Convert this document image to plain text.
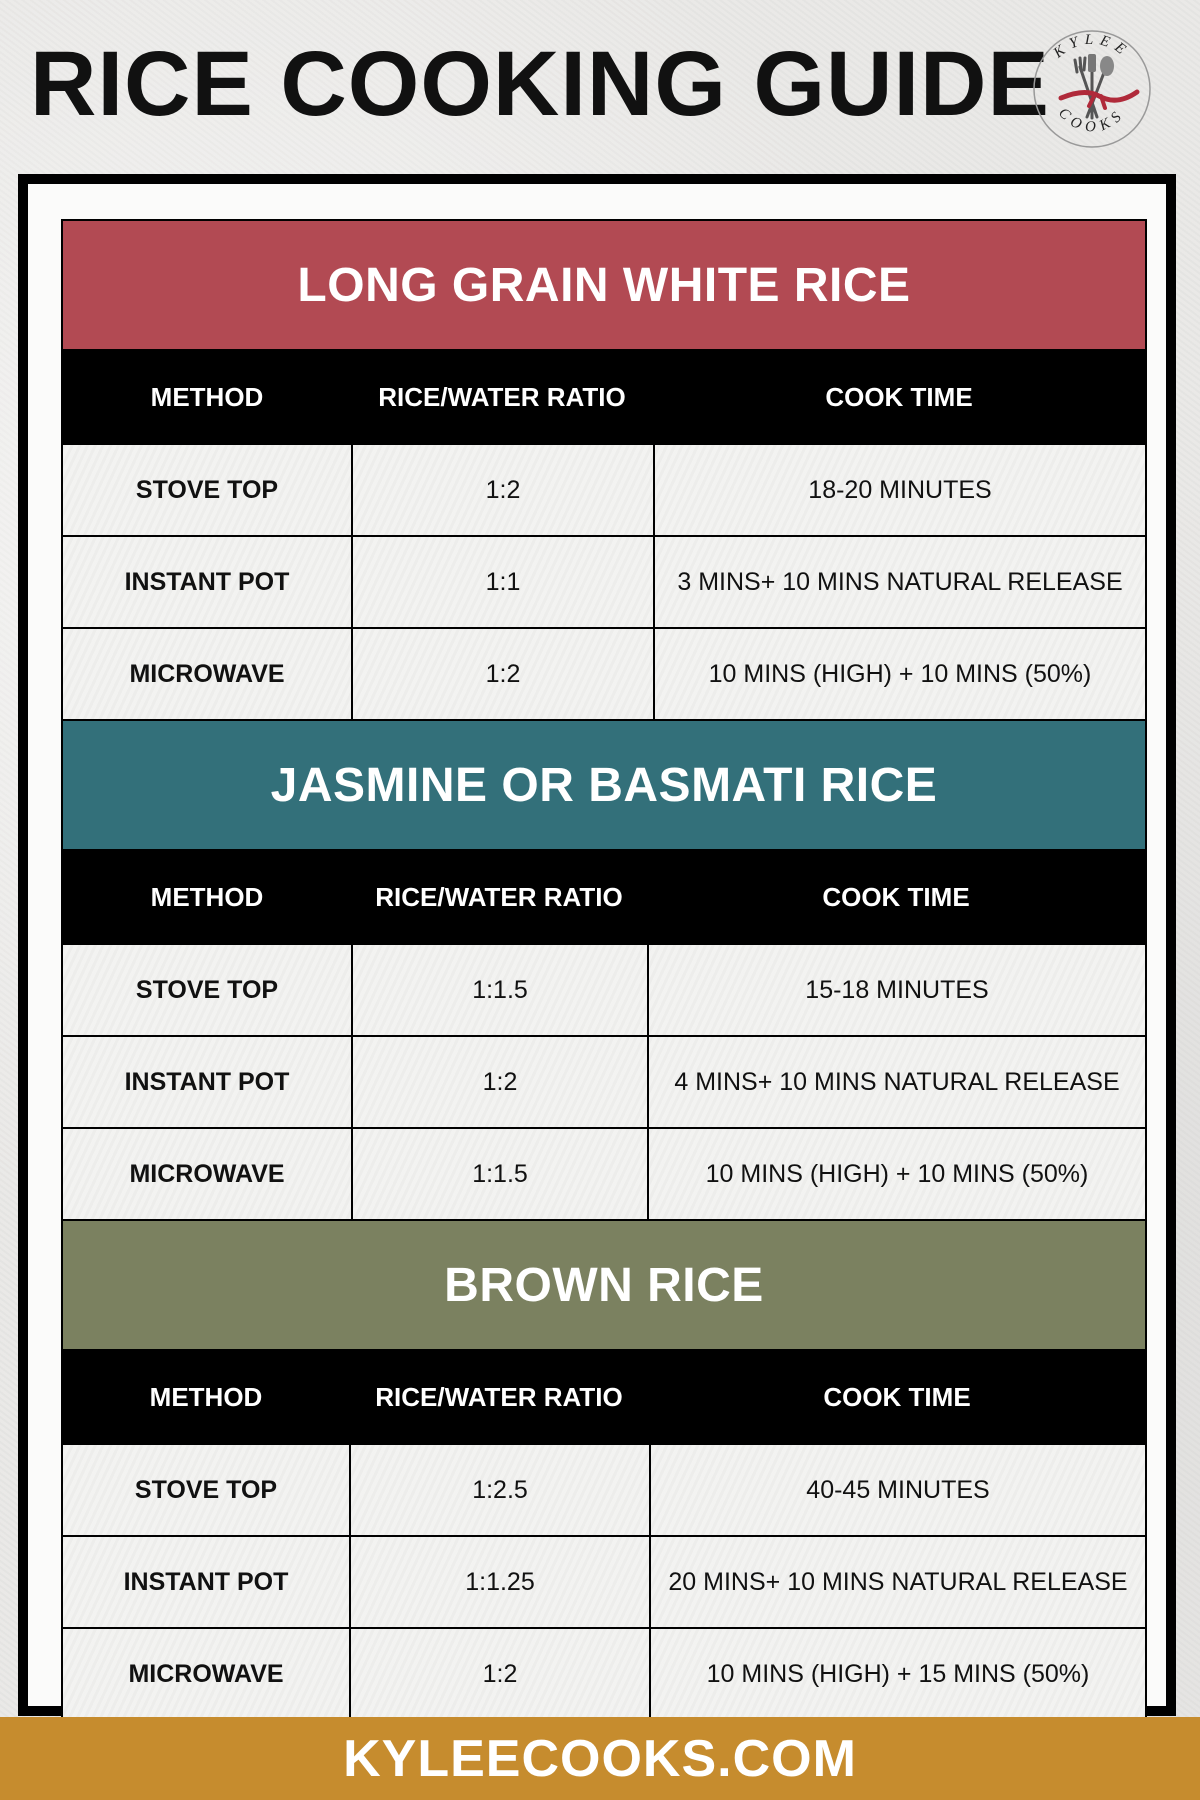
RICE COOKING GUIDE KYLEE
COOKS
LONG GRAIN WHITE RICE
METHOD	RICE/WATER RATIO	COOK TIME
STOVE TOP	1:2	18-20 MINUTES
INSTANT POT	1:1	3 MINS+ 10 MINS NATURAL RELEASE
MICROWAVE	1:2	10 MINS (HIGH) + 10 MINS (50%)
JASMINE OR BASMATI RICE
METHOD	RICE/WATER RATIO	COOK TIME
STOVE TOP	1:1.5	15-18 MINUTES
INSTANT POT	1:2	4 MINS+ 10 MINS NATURAL RELEASE
MICROWAVE	1:1.5	10 MINS (HIGH) + 10 MINS (50%)
BROWN RICE
METHOD	RICE/WATER RATIO	COOK TIME
STOVE TOP	1:2.5	40-45 MINUTES
INSTANT POT	1:1.25	20 MINS+ 10 MINS NATURAL RELEASE
MICROWAVE	1:2	10 MINS (HIGH) + 15 MINS (50%)
KYLEECOOKS.COM
